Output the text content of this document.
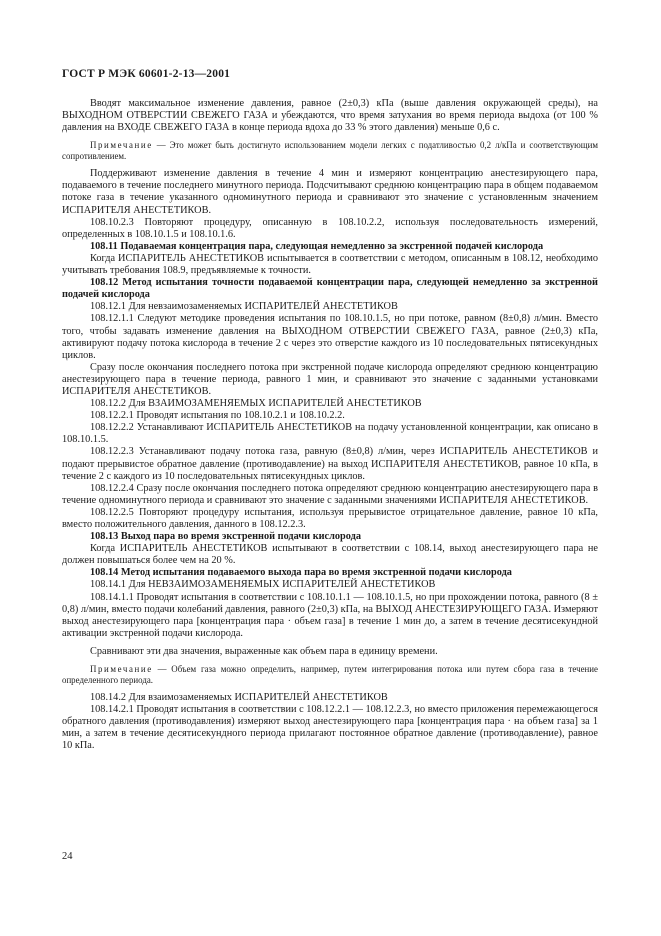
ГОСТ Р МЭК 60601-2-13—2001

Вводят максимальное изменение давления, равное (2±0,3) кПа (выше давления окружающей среды), на ВЫХОДНОМ ОТВЕРСТИИ СВЕЖЕГО ГАЗА и убеждаются, что время затухания во время периода выдоха (от 100 % давления на ВХОДЕ СВЕЖЕГО ГАЗА в конце периода вдоха до 33 % этого давления) меньше 0,6 с.

Примечание — Это может быть достигнуто использованием модели легких с податливостью 0,2 л/кПа и соответствующим сопротивлением.

Поддерживают изменение давления в течение 4 мин и измеряют концентрацию анестезирующего пара, подаваемого в течение последнего минутного периода. Подсчитывают среднюю концентрацию пара в общем подаваемом потоке газа в течение указанного одноминутного периода и сравнивают это значение с установленным значением ИСПАРИТЕЛЯ АНЕСТЕТИКОВ.

108.10.2.3 Повторяют процедуру, описанную в 108.10.2.2, используя последовательность измерений, определенных в 108.10.1.5 и 108.10.1.6.

108.11 Подаваемая концентрация пара, следующая немедленно за экстренной подачей кислорода

Когда ИСПАРИТЕЛЬ АНЕСТЕТИКОВ испытывается в соответствии с методом, описанным в 108.12, необходимо учитывать требования 108.9, предъявляемые к точности.

108.12 Метод испытания точности подаваемой концентрации пара, следующей немедленно за экстренной подачей кислорода

108.12.1 Для невзаимозаменяемых ИСПАРИТЕЛЕЙ АНЕСТЕТИКОВ

108.12.1.1 Следуют методике проведения испытания по 108.10.1.5, но при потоке, равном (8±0,8) л/мин. Вместо того, чтобы задавать изменение давления на ВЫХОДНОМ ОТВЕРСТИИ СВЕЖЕГО ГАЗА, равное (2±0,3) кПа, активируют подачу потока кислорода в течение 2 с через это отверстие каждого из 10 последовательных пятисекундных циклов.

Сразу после окончания последнего потока при экстренной подаче кислорода определяют среднюю концентрацию анестезирующего пара в течение периода, равного 1 мин, и сравнивают это значение с заданными установками ИСПАРИТЕЛЯ АНЕСТЕТИКОВ.

108.12.2 Для ВЗАИМОЗАМЕНЯЕМЫХ ИСПАРИТЕЛЕЙ АНЕСТЕТИКОВ

108.12.2.1 Проводят испытания по 108.10.2.1 и 108.10.2.2.

108.12.2.2 Устанавливают ИСПАРИТЕЛЬ АНЕСТЕТИКОВ на подачу установленной концентрации, как описано в 108.10.1.5.

108.12.2.3 Устанавливают подачу потока газа, равную (8±0,8) л/мин, через ИСПАРИТЕЛЬ АНЕСТЕТИКОВ и подают прерывистое обратное давление (противодавление) на выход ИСПАРИТЕЛЯ АНЕСТЕТИКОВ, равное 10 кПа, в течение 2 с каждого из 10 последовательных пятисекундных циклов.

108.12.2.4 Сразу после окончания последнего потока определяют среднюю концентрацию анестезирующего пара в течение одноминутного периода и сравнивают это значение с заданными значениями ИСПАРИТЕЛЯ АНЕСТЕТИКОВ.

108.12.2.5 Повторяют процедуру испытания, используя прерывистое отрицательное давление, равное 10 кПа, вместо положительного давления, данного в 108.12.2.3.

108.13 Выход пара во время экстренной подачи кислорода

Когда ИСПАРИТЕЛЬ АНЕСТЕТИКОВ испытывают в соответствии с 108.14, выход анестезирующего пара не должен повышаться более чем на 20 %.

108.14 Метод испытания подаваемого выхода пара во время экстренной подачи кислорода

108.14.1 Для НЕВЗАИМОЗАМЕНЯЕМЫХ ИСПАРИТЕЛЕЙ АНЕСТЕТИКОВ

108.14.1.1 Проводят испытания в соответствии с 108.10.1.1 — 108.10.1.5, но при прохождении потока, равного (8 ± 0,8) л/мин, вместо подачи колебаний давления, равного (2±0,3) кПа, на ВЫХОД АНЕСТЕЗИРУЮЩЕГО ГАЗА. Измеряют выход анестезирующего пара [концентрация пара · объем газа] в течение 1 мин до, а затем в течение десятисекундной активации экстренной подачи кислорода.

Сравнивают эти два значения, выраженные как объем пара в единицу времени.

Примечание — Объем газа можно определить, например, путем интегрирования потока или путем сбора газа в течение определенного периода.

108.14.2 Для взаимозаменяемых ИСПАРИТЕЛЕЙ АНЕСТЕТИКОВ

108.14.2.1 Проводят испытания в соответствии с 108.12.2.1 — 108.12.2.3, но вместо приложения перемежающегося обратного давления (противодавления) измеряют выход анестезирующего пара [концентрация пара · на объем газа] за 1 мин, а затем в течение десятисекундного периода прилагают постоянное обратное давление (противодавление), равное 10 кПа.

24
